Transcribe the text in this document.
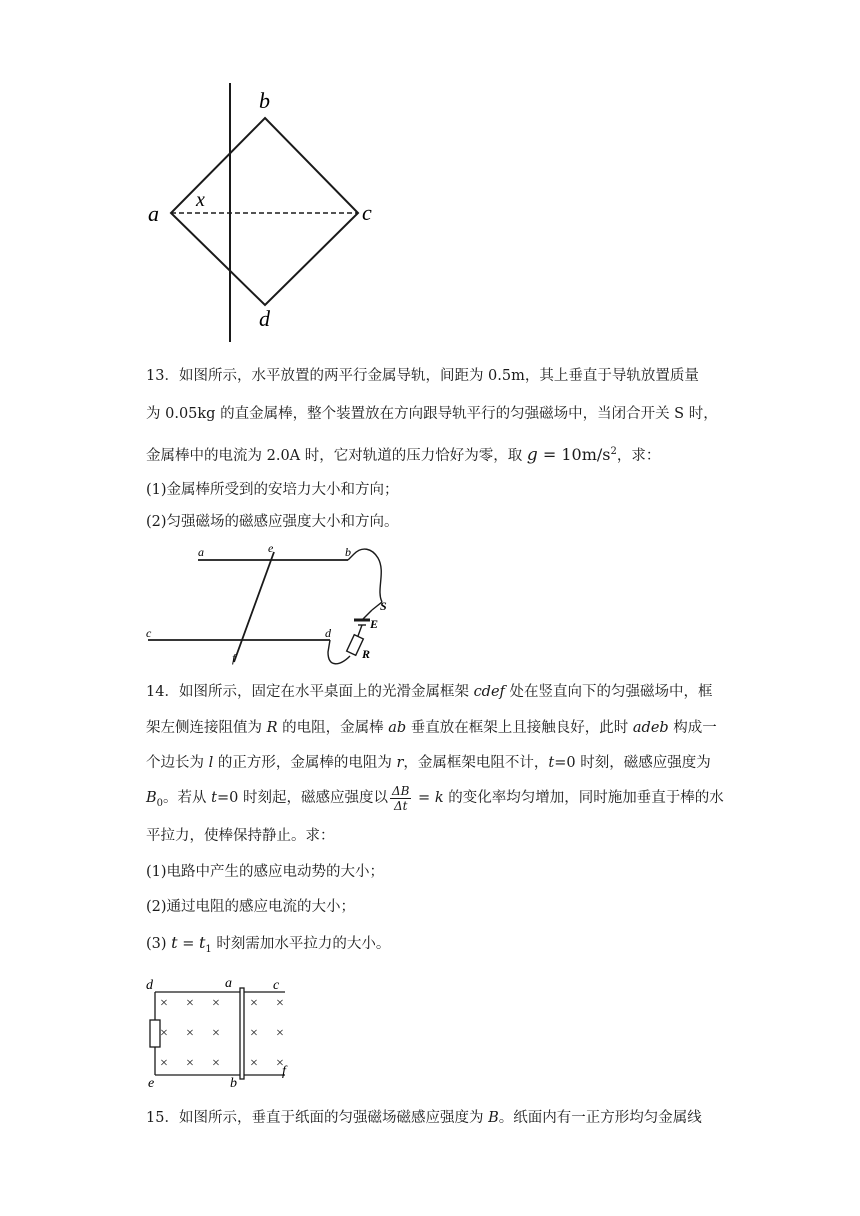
a
b
c
d
x
13．如图所示，水平放置的两平行金属导轨，间距为 0.5m，其上垂直于导轨放置质量
为 0.05kg 的直金属棒，整个装置放在方向跟导轨平行的匀强磁场中，当闭合开关 S 时，
金属棒中的电流为 2.0A 时，它对轨道的压力恰好为零，取 $g = 10m/s^2$，求：
(1)金属棒所受到的安培力大小和方向；
(2)匀强磁场的磁感应强度大小和方向。
a	e	b
c
f
d
S
E
R
14．如图所示，固定在水平桌面上的光滑金属框架 cdef 处在竖直向下的匀强磁场中，框
架左侧连接阻值为 R 的电阻，金属棒 ab 垂直放在框架上且接触良好，此时 adeb 构成一
个边长为 l 的正方形，金属棒的电阻为 r，金属框架电阻不计，t=0 时刻，磁感应强度为
$B_0$。若从 t=0 时刻起，磁感应强度以 $\frac{\Delta B}{\Delta t} = k$ 的变化率均匀增加，同时施加垂直于棒的水
平拉力，使棒保持静止。求：
(1)电路中产生的感应电动势的大小；
(2)通过电阻的感应电流的大小；
(3) $t = t_1$ 时刻需加水平拉力的大小。
× × × × ×
× × × × ×
× × × × ×
d	a	c
e	b
f
15．如图所示，垂直于纸面的匀强磁场磁感应强度为 B。纸面内有一正方形均匀金属线
